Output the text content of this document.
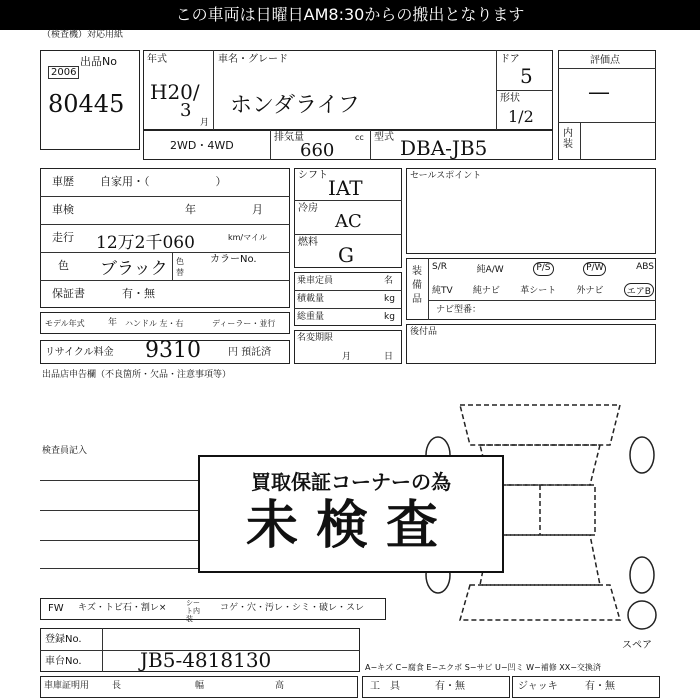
この車両は日曜日AM8:30からの搬出となります
（検査機）対応用紙
出品No
2006
80445
年式
H20/
3
月
車名・グレード
ホンダライフ
ドア
5
形状
1/2
評価点
—
内装
2WD・4WD
排気量	cc
660
型式 DBA-JB5
車歴 自家用・（　　　　　　）
車検	年	月
走行 12万2千060	km/マイル
色 ブラック 色替
カラーNo.
保証書	有・無
モデル年式	年 ハンドル 左・右	ディーラー・並行
リサイクル料金 9310	円 預託済
シフト
IAT
冷房
AC
燃料
G
乗車定員	名
積載量	kg
総重量	kg
名変期限
月	日
セールスポイント
装備品
S/R	純A/W	P/S	P/W	ABS
純TV 純ナビ 革シート 外ナビ	エアB
ナビ型番：
後付品
出品店申告欄（不良箇所・欠品・注意事項等）
検査員記入
スペア
買取保証コーナーの為
未検査
FW キズ・トビ石・割レ×	シート内装
コゲ・穴・汚レ・シミ・破レ・スレ
登録No.
車台No.	JB5-4818130	A−キズ C−腐食 E−エクボ S−サビ U−凹ミ W−補修 XX−交換済
車庫証明用	長	幅	高	工　具	有・無	ジャッキ	有・無
